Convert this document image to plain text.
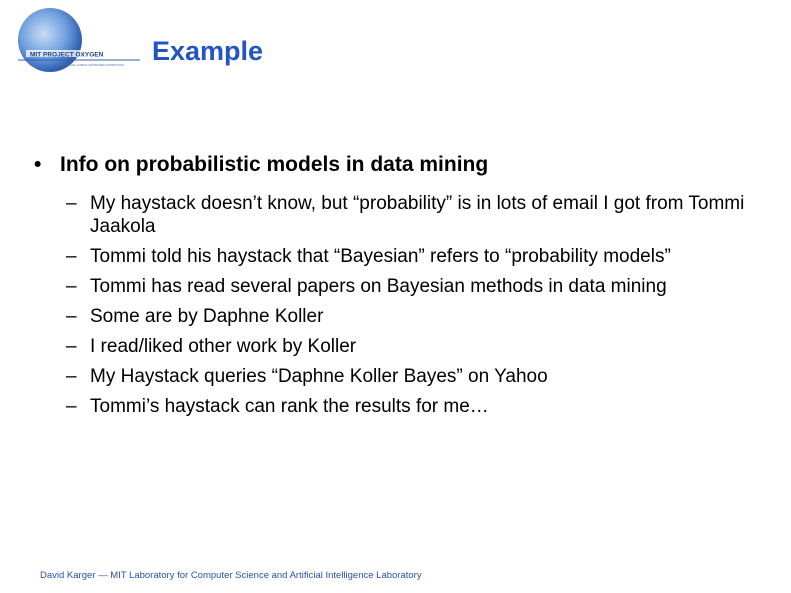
MIT PROJECT OXYGEN
PERVASIVE, HUMAN-CENTERED COMPUTING Example
• Info on probabilistic models in data mining
– My haystack doesn’t know, but “probability” is in lots of email I got from Tommi Jaakola
– Tommi told his haystack that “Bayesian” refers to “probability models”
– Tommi has read several papers on Bayesian methods in data mining
– Some are by Daphne Koller
– I read/liked other work by Koller
– My Haystack queries “Daphne Koller Bayes” on Yahoo
– Tommi’s haystack can rank the results for me…
David Karger — MIT Laboratory for Computer Science and Artificial Intelligence Laboratory
